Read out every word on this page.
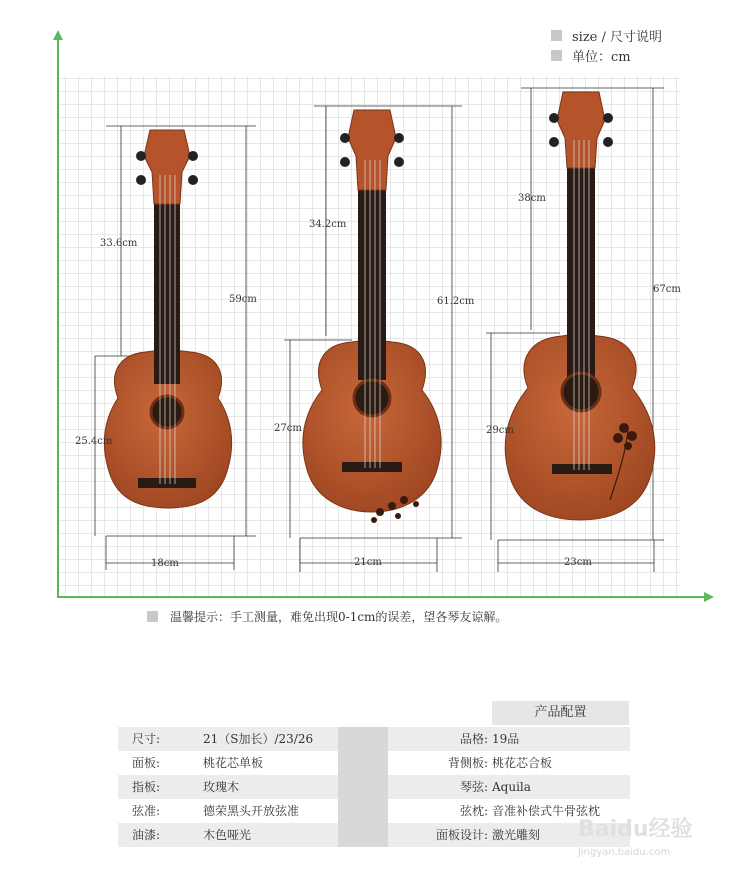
size / 尺寸说明
单位：cm
33.6cm
59cm
25.4cm
18cm
34.2cm
61.2cm
27cm
21cm
38cm
67cm
29cm
23cm
温馨提示：手工测量，难免出现0-1cm的误差，望各琴友谅解。
产品配置
尺寸:	21（S加长）/23/26	品格: 19品
面板:	桃花芯单板	背侧板: 桃花芯合板
指板:	玫瑰木	琴弦: Aquila
弦准:	德荣黑头开放弦准	弦枕: 音准补偿式牛骨弦枕
油漆:	木色哑光	面板设计: 激光雕刻 Baidu经验
jingyan.baidu.com
